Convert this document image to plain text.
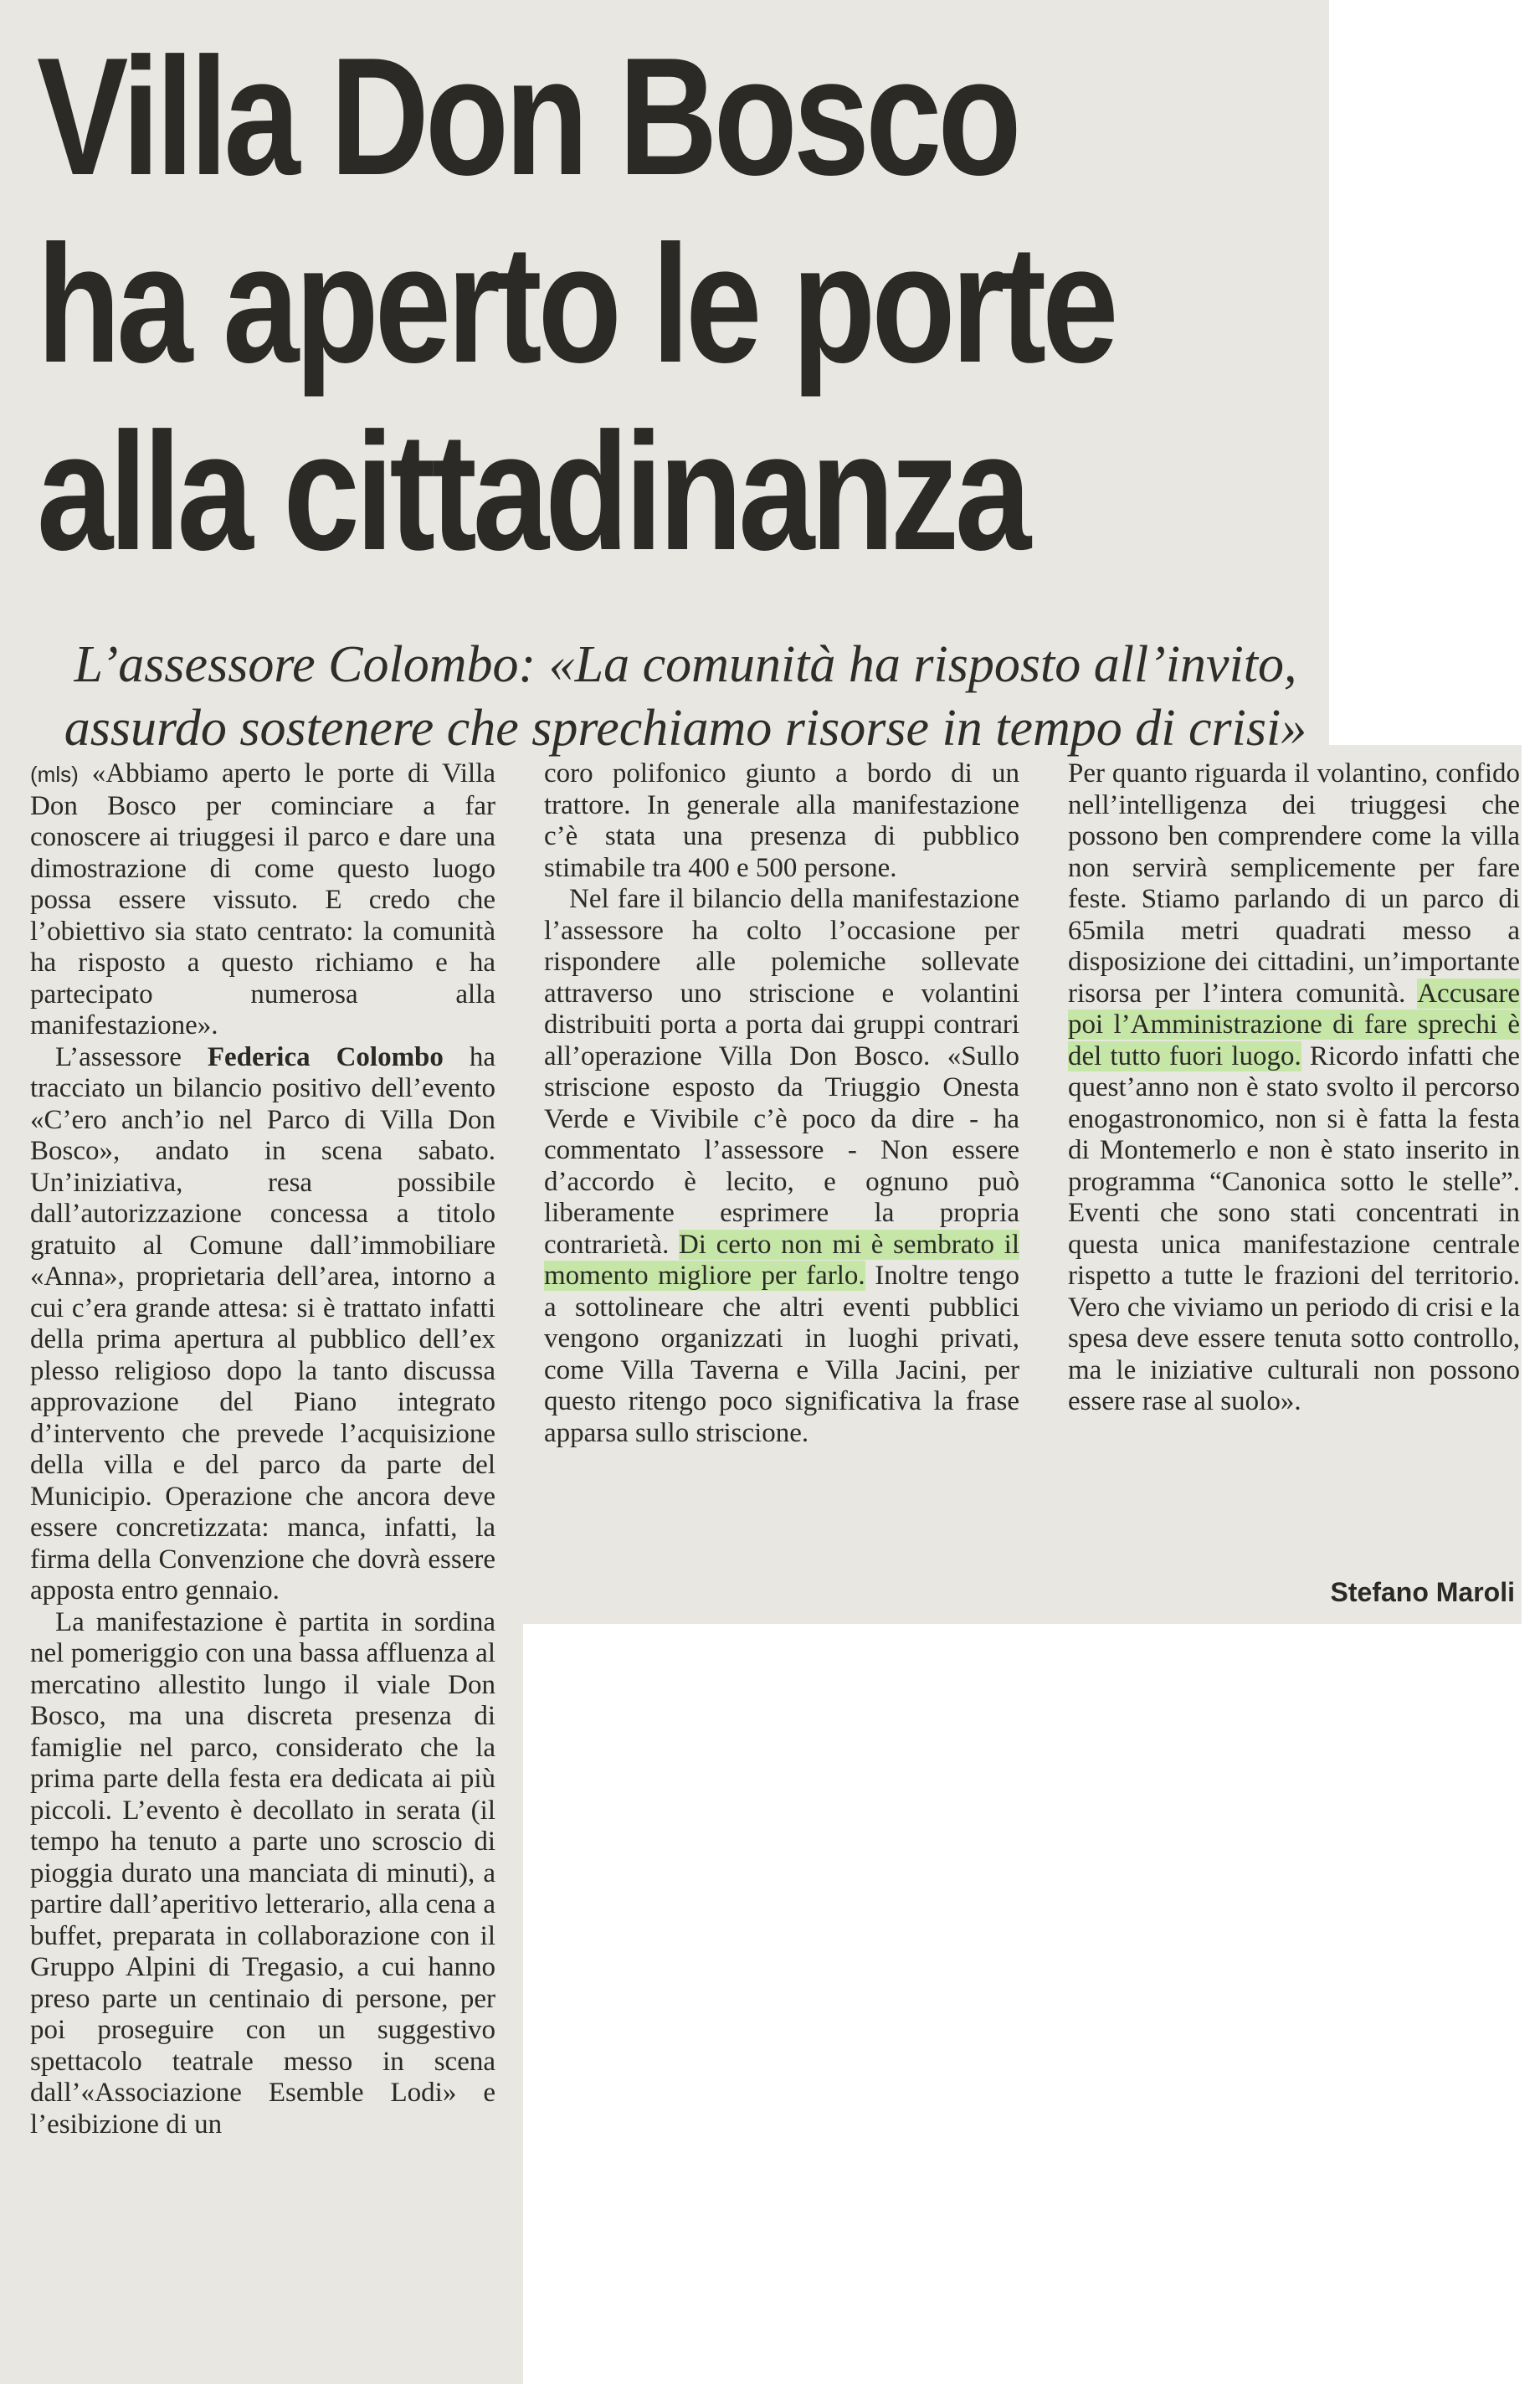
Villa Don Bosco
ha aperto le porte
alla cittadinanza
L’assessore Colombo: «La comunità ha risposto all’invito,
assurdo sostenere che sprechiamo risorse in tempo di crisi»

(mls) «Abbiamo aperto le porte di Villa Don Bosco per cominciare a far conoscere ai triuggesi il parco e dare una dimostrazione di come questo luogo possa essere vissuto. E credo che l’obiettivo sia stato centrato: la comunità ha risposto a questo richiamo e ha partecipato numerosa alla manifestazione».

L’assessore Federica Colombo ha tracciato un bilancio positivo dell’evento «C’ero anch’io nel Parco di Villa Don Bosco», andato in scena sabato. Un’iniziativa, resa possibile dall’autorizzazione concessa a titolo gratuito al Comune dall’immobiliare «Anna», proprietaria dell’area, intorno a cui c’era grande attesa: si è trattato infatti della prima apertura al pubblico dell’ex plesso religioso dopo la tanto discussa approvazione del Piano integrato d’intervento che prevede l’acquisizione della villa e del parco da parte del Municipio. Operazione che ancora deve essere concretizzata: manca, infatti, la firma della Convenzione che dovrà essere apposta entro gennaio.

La manifestazione è partita in sordina nel pomeriggio con una bassa affluenza al mercatino allestito lungo il viale Don Bosco, ma una discreta presenza di famiglie nel parco, considerato che la prima parte della festa era dedicata ai più piccoli. L’evento è decollato in serata (il tempo ha tenuto a parte uno scroscio di pioggia durato una manciata di minuti), a partire dall’aperitivo letterario, alla cena a buffet, preparata in collaborazione con il Gruppo Alpini di Tregasio, a cui hanno preso parte un centinaio di persone, per poi proseguire con un suggestivo spettacolo teatrale messo in scena dall’«Associazione Esemble Lodi» e l’esibizione di un

coro polifonico giunto a bordo di un trattore. In generale alla manifestazione c’è stata una presenza di pubblico stimabile tra 400 e 500 persone.

Nel fare il bilancio della manifestazione l’assessore ha colto l’occasione per rispondere alle polemiche sollevate attraverso uno striscione e volantini distribuiti porta a porta dai gruppi contrari all’operazione Villa Don Bosco. «Sullo striscione esposto da Triuggio Onesta Verde e Vivibile c’è poco da dire - ha commentato l’assessore - Non essere d’accordo è lecito, e ognuno può liberamente esprimere la propria contrarietà. Di certo non mi è sembrato il momento migliore per farlo. Inoltre tengo a sottolineare che altri eventi pubblici vengono organizzati in luoghi privati, come Villa Taverna e Villa Jacini, per questo ritengo poco significativa la frase apparsa sullo striscione.

Per quanto riguarda il volantino, confido nell’intelligenza dei triuggesi che possono ben comprendere come la villa non servirà semplicemente per fare feste. Stiamo parlando di un parco di 65mila metri quadrati messo a disposizione dei cittadini, un’importante risorsa per l’intera comunità. Accusare poi l’Amministrazione di fare sprechi è del tutto fuori luogo. Ricordo infatti che quest’anno non è stato svolto il percorso enogastronomico, non si è fatta la festa di Montemerlo e non è stato inserito in programma “Canonica sotto le stelle”. Eventi che sono stati concentrati in questa unica manifestazione centrale rispetto a tutte le frazioni del territorio. Vero che viviamo un periodo di crisi e la spesa deve essere tenuta sotto controllo, ma le iniziative culturali non possono essere rase al suolo».

Stefano Maroli
